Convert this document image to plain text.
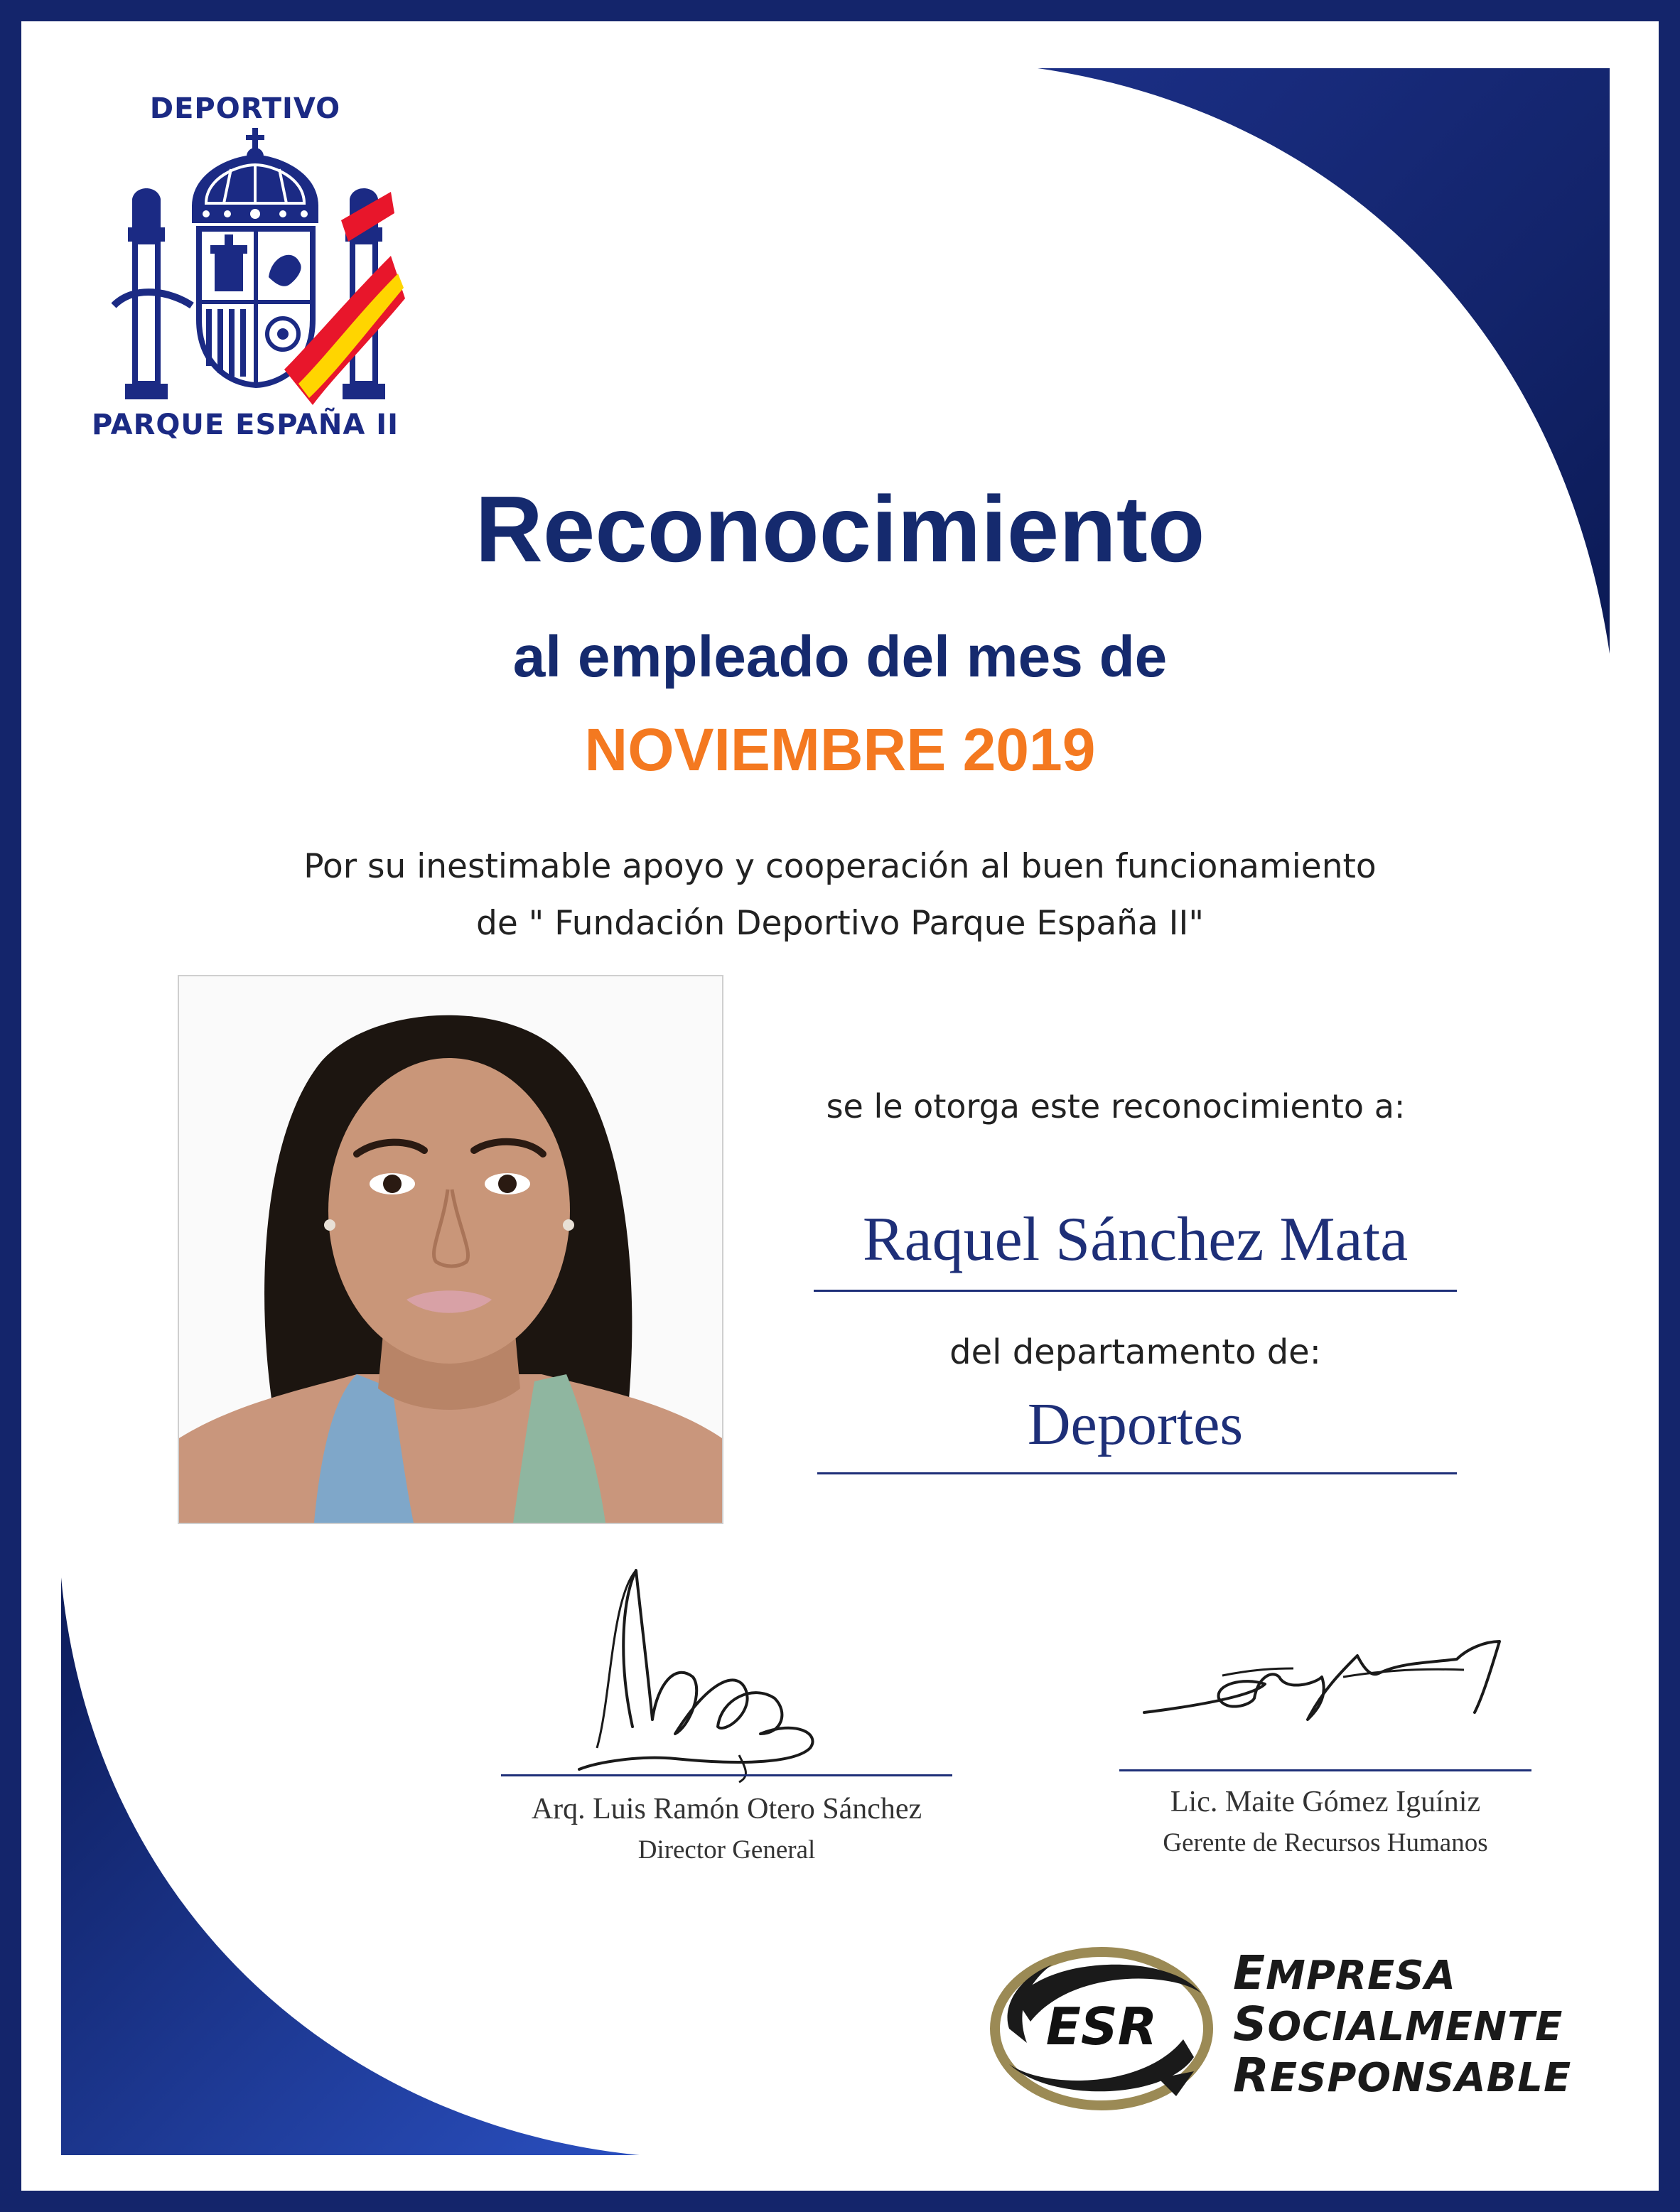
DEPORTIVO
PARQUE ESPAÑA II
Reconocimiento
al empleado del mes de
NOVIEMBRE 2019
Por su inestimable apoyo y cooperación al buen funcionamiento
de " Fundación Deportivo Parque España II"
se le otorga este reconocimiento a:
Raquel Sánchez Mata
del departamento de:
Deportes
Arq. Luis Ramón Otero Sánchez
Director General
Lic. Maite Gómez Iguíniz
Gerente de Recursos Humanos
ESR
EMPRESA
SOCIALMENTE
RESPONSABLE
